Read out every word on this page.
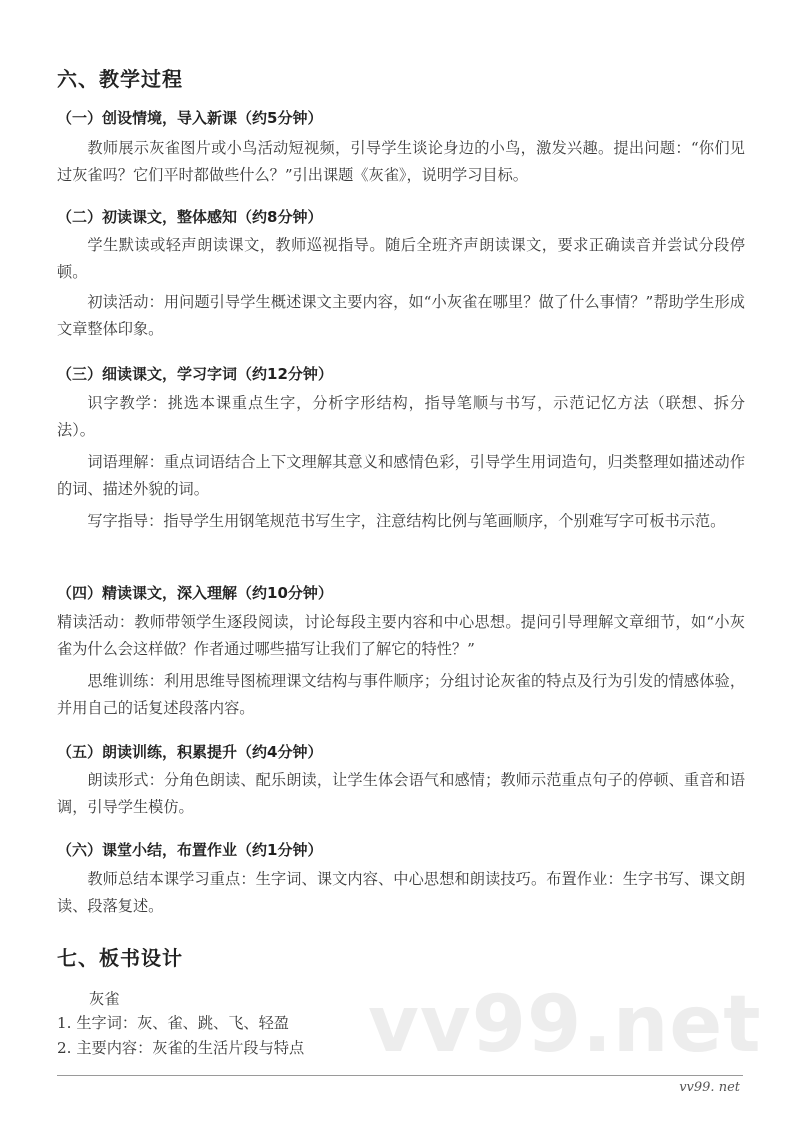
vv99.net
六、教学过程
（一）创设情境，导入新课（约5分钟）
教师展示灰雀图片或小鸟活动短视频，引导学生谈论身边的小鸟，激发兴趣。提出问题：“你们见过灰雀吗？它们平时都做些什么？”引出课题《灰雀》，说明学习目标。
（二）初读课文，整体感知（约8分钟）
学生默读或轻声朗读课文，教师巡视指导。随后全班齐声朗读课文，要求正确读音并尝试分段停顿。
初读活动：用问题引导学生概述课文主要内容，如“小灰雀在哪里？做了什么事情？”帮助学生形成文章整体印象。
（三）细读课文，学习字词（约12分钟）
识字教学：挑选本课重点生字，分析字形结构，指导笔顺与书写，示范记忆方法（联想、拆分法）。
词语理解：重点词语结合上下文理解其意义和感情色彩，引导学生用词造句，归类整理如描述动作的词、描述外貌的词。
写字指导：指导学生用钢笔规范书写生字，注意结构比例与笔画顺序，个别难写字可板书示范。
（四）精读课文，深入理解（约10分钟）
精读活动：教师带领学生逐段阅读，讨论每段主要内容和中心思想。提问引导理解文章细节，如“小灰雀为什么会这样做？作者通过哪些描写让我们了解它的特性？”
思维训练：利用思维导图梳理课文结构与事件顺序；分组讨论灰雀的特点及行为引发的情感体验，并用自己的话复述段落内容。
（五）朗读训练，积累提升（约4分钟）
朗读形式：分角色朗读、配乐朗读，让学生体会语气和感情；教师示范重点句子的停顿、重音和语调，引导学生模仿。
（六）课堂小结，布置作业（约1分钟）
教师总结本课学习重点：生字词、课文内容、中心思想和朗读技巧。布置作业：生字书写、课文朗读、段落复述。
七、板书设计
灰雀
1. 生字词：灰、雀、跳、飞、轻盈
2. 主要内容：灰雀的生活片段与特点
vv99. net
